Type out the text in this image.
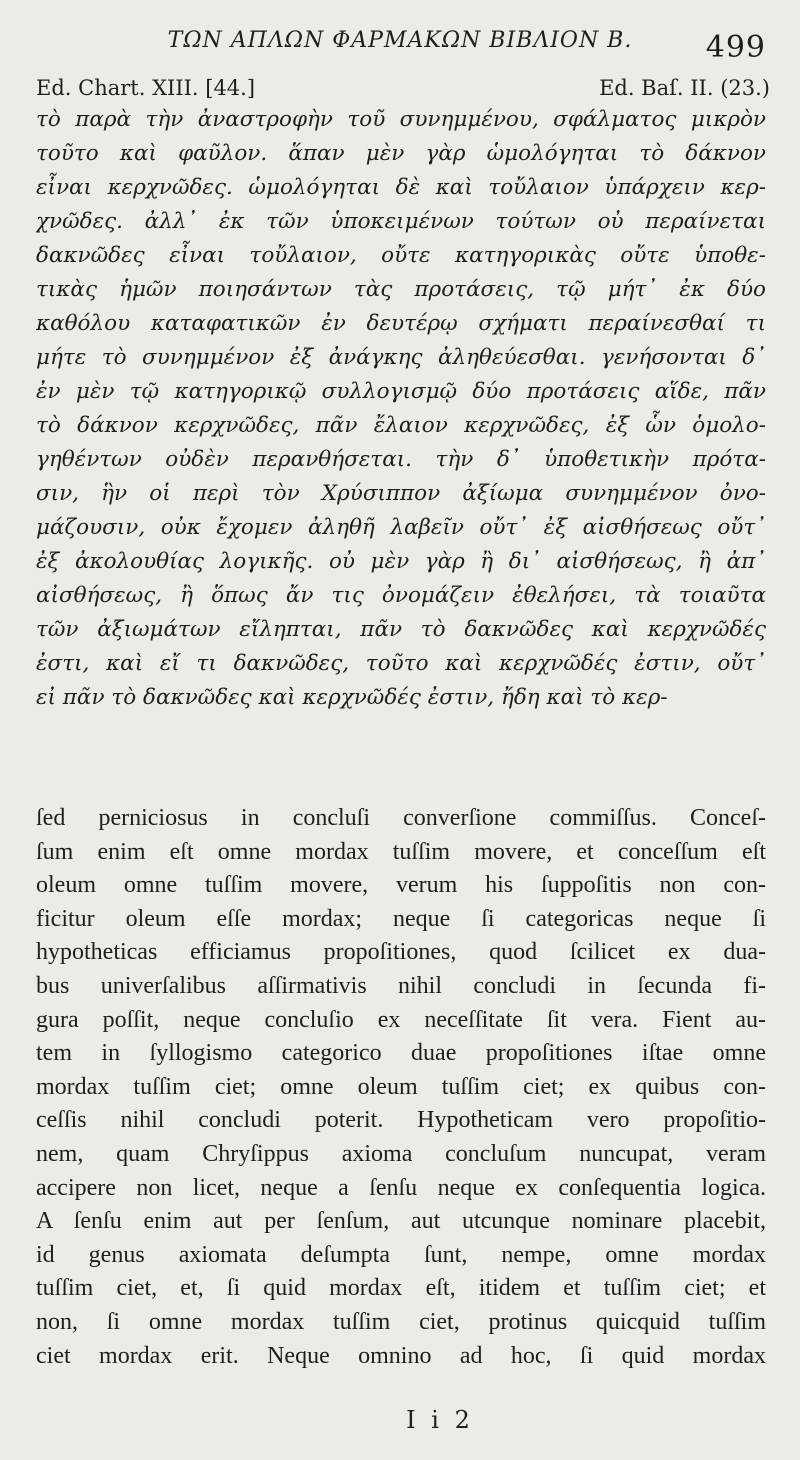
ΤΩΝ ΑΠΛΩΝ ΦΑΡΜΑΚΩΝ ΒΙΒΛΙΟΝ Β.	499
Ed. Chart. XIII. [44.]	Ed. Baſ. II. (23.)
τὸ παρὰ τὴν ἀναστροφὴν τοῦ συνημμένου, σφάλματος μικρὸν
τοῦτο καὶ φαῦλον. ἅπαν μὲν γὰρ ὡμολόγηται τὸ δάκνον
εἶναι κερχνῶδες. ὡμολόγηται δὲ καὶ τοὔλαιον ὑπάρχειν κερ-
χνῶδες. ἀλλ᾽ ἐκ τῶν ὑποκειμένων τούτων οὐ περαίνεται
δακνῶδες εἶναι τοὔλαιον, οὔτε κατηγορικὰς οὔτε ὑποθε-
τικὰς ἡμῶν ποιησάντων τὰς προτάσεις, τῷ μήτ᾽ ἐκ δύο
καθόλου καταφατικῶν ἐν δευτέρῳ σχήματι περαίνεσθαί τι
μήτε τὸ συνημμένον ἐξ ἀνάγκης ἀληθεύεσθαι. γενήσονται δ᾽
ἐν μὲν τῷ κατηγορικῷ συλλογισμῷ δύο προτάσεις αἵδε, πᾶν
τὸ δάκνον κερχνῶδες, πᾶν ἔλαιον κερχνῶδες, ἐξ ὧν ὁμολο-
γηθέντων οὐδὲν περανθήσεται. τὴν δ᾽ ὑποθετικὴν πρότα-
σιν, ἣν οἱ περὶ τὸν Χρύσιππον ἀξίωμα συνημμένον ὀνο-
μάζουσιν, οὐκ ἔχομεν ἀληθῆ λαβεῖν οὔτ᾽ ἐξ αἰσθήσεως οὔτ᾽
ἐξ ἀκολουθίας λογικῆς. οὐ μὲν γὰρ ἢ δι᾽ αἰσθήσεως, ἢ ἀπ᾽
αἰσθήσεως, ἢ ὅπως ἄν τις ὀνομάζειν ἐθελήσει, τὰ τοιαῦτα
τῶν ἀξιωμάτων εἴληπται, πᾶν τὸ δακνῶδες καὶ κερχνῶδές
ἐστι, καὶ εἴ τι δακνῶδες, τοῦτο καὶ κερχνῶδές ἐστιν, οὔτ᾽
εἰ πᾶν τὸ δακνῶδες καὶ κερχνῶδές ἐστιν, ἤδη καὶ τὸ κερ-
ſed perniciosus in concluſi converſione commiſſus. Conceſ-
ſum enim eſt omne mordax tuſſim movere, et conceſſum eſt
oleum omne tuſſim movere, verum his ſuppoſitis non con-
ficitur oleum eſſe mordax; neque ſi categoricas neque ſi
hypotheticas efficiamus propoſitiones, quod ſcilicet ex dua-
bus univerſalibus aſſirmativis nihil concludi in ſecunda fi-
gura poſſit, neque concluſio ex neceſſitate ſit vera. Fient au-
tem in ſyllogismo categorico duae propoſitiones iſtae omne
mordax tuſſim ciet; omne oleum tuſſim ciet; ex quibus con-
ceſſis nihil concludi poterit. Hypotheticam vero propoſitio-
nem, quam Chryſippus axioma concluſum nuncupat, veram
accipere non licet, neque a ſenſu neque ex conſequentia logica.
A ſenſu enim aut per ſenſum, aut utcunque nominare placebit,
id genus axiomata deſumpta ſunt, nempe, omne mordax
tuſſim ciet, et, ſi quid mordax eſt, itidem et tuſſim ciet; et
non, ſi omne mordax tuſſim ciet, protinus quicquid tuſſim
ciet mordax erit. Neque omnino ad hoc, ſi quid mordax
I i 2
